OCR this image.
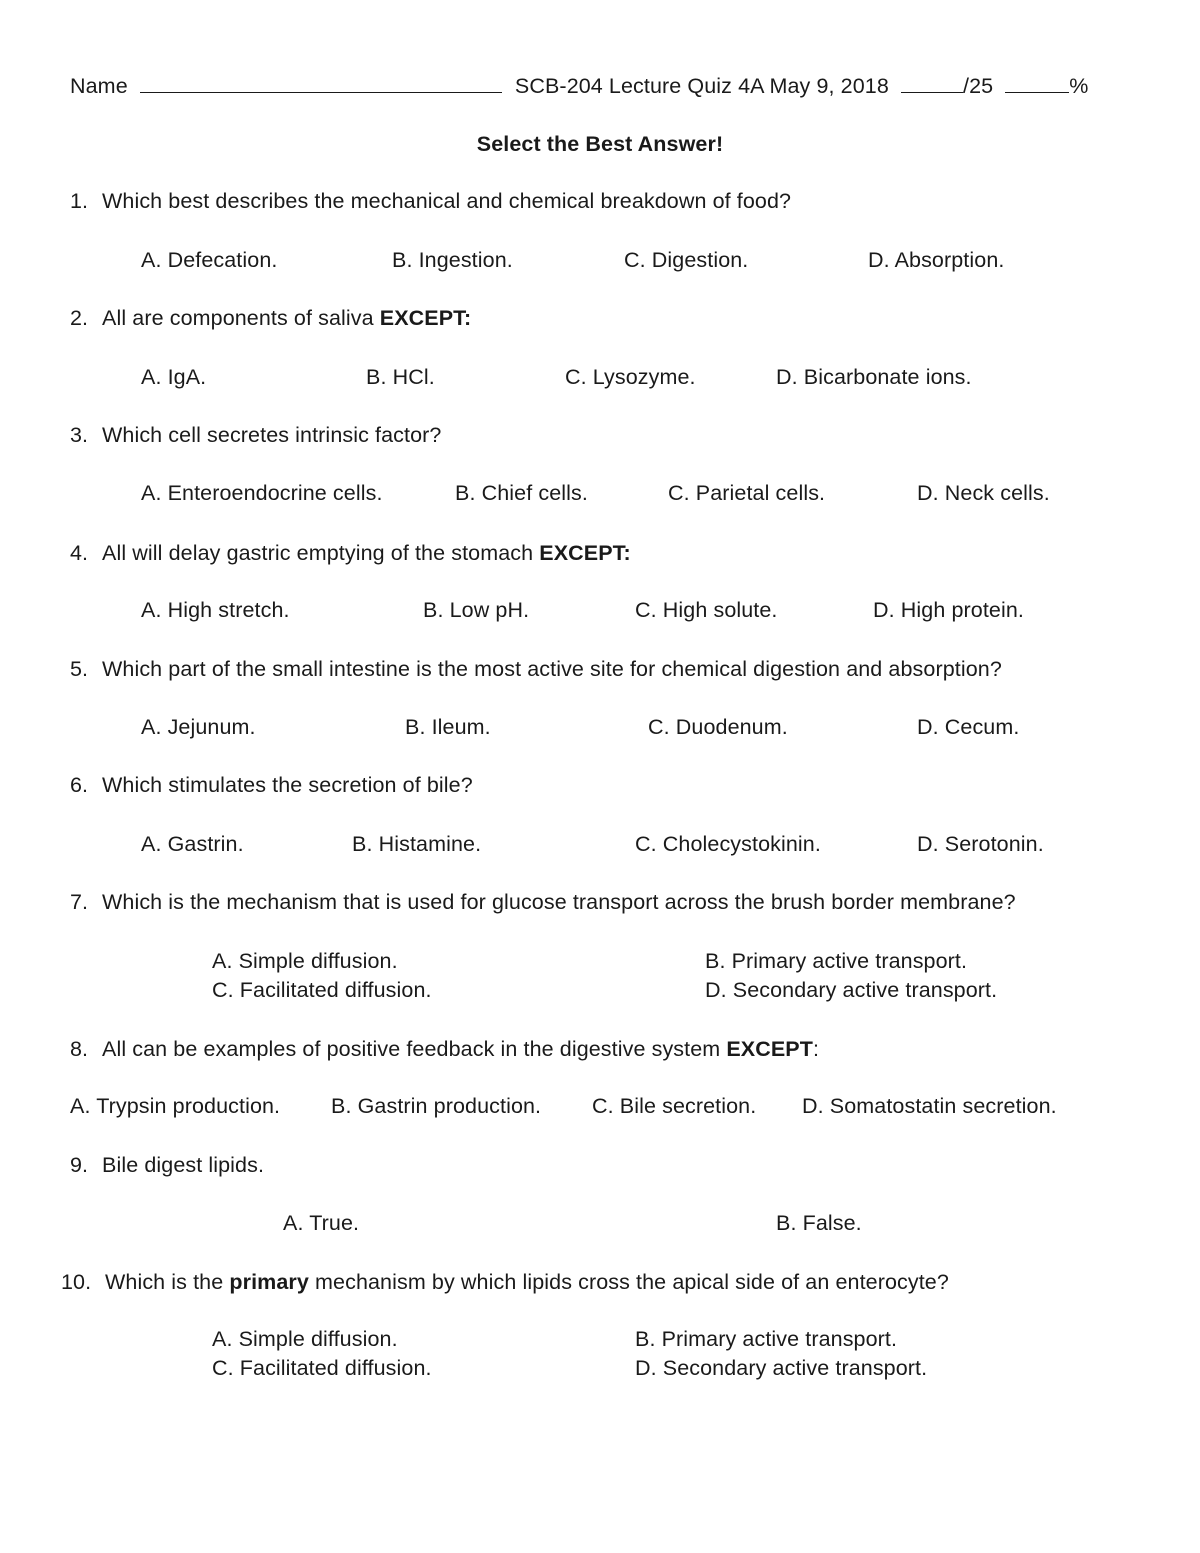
Name	SCB-204 Lecture Quiz 4A May 9, 2018	/25	%
Select the Best Answer!
1. Which best describes the mechanical and chemical breakdown of food?
A. Defecation.	B. Ingestion.	C. Digestion.	D. Absorption.
2. All are components of saliva EXCEPT:
A. IgA.	B. HCl.	C. Lysozyme.	D. Bicarbonate ions.
3. Which cell secretes intrinsic factor?
A. Enteroendocrine cells.	B. Chief cells.	C. Parietal cells.	D. Neck cells.
4. All will delay gastric emptying of the stomach EXCEPT:
A. High stretch.	B. Low pH.	C. High solute.	D. High protein.
5. Which part of the small intestine is the most active site for chemical digestion and absorption?
A. Jejunum.	B. Ileum.	C. Duodenum.	D. Cecum.
6. Which stimulates the secretion of bile?
A. Gastrin.	B. Histamine.	C. Cholecystokinin.	D. Serotonin.
7. Which is the mechanism that is used for glucose transport across the brush border membrane?
A. Simple diffusion.	B. Primary active transport.
C. Facilitated diffusion.	D. Secondary active transport.
8. All can be examples of positive feedback in the digestive system EXCEPT:
A. Trypsin production. B. Gastrin production. C. Bile secretion. D. Somatostatin secretion.
9. Bile digest lipids.
A. True.	B. False.
10. Which is the primary mechanism by which lipids cross the apical side of an enterocyte?
A. Simple diffusion.	B. Primary active transport.
C. Facilitated diffusion.	D. Secondary active transport.
